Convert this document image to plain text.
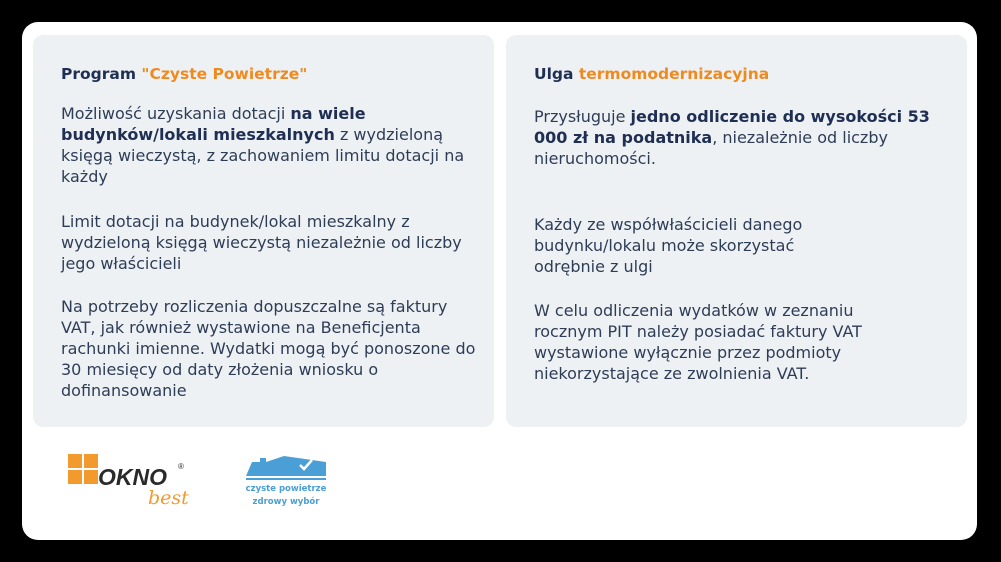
Program "Czyste Powietrze"
Możliwość uzyskania dotacji na wiele budynków/lokali mieszkalnych z wydzieloną księgą wieczystą, z zachowaniem limitu dotacji na każdy
Limit dotacji na budynek/lokal mieszkalny z wydzieloną księgą wieczystą niezależnie od liczby jego właścicieli
Na potrzeby rozliczenia dopuszczalne są faktury VAT, jak również wystawione na Beneficjenta rachunki imienne. Wydatki mogą być ponoszone do 30 miesięcy od daty złożenia wniosku o dofinansowanie
Ulga termomodernizacyjna
Przysługuje jedno odliczenie do wysokości 53 000 zł na podatnika, niezależnie od liczby nieruchomości.
Każdy ze współwłaścicieli danego budynku/lokalu może skorzystać odrębnie z ulgi
W celu odliczenia wydatków w zeznaniu rocznym PIT należy posiadać faktury VAT wystawione wyłącznie przez podmioty niekorzystające ze zwolnienia VAT.
OKNO ®
best	czyste powietrze
zdrowy wybór
